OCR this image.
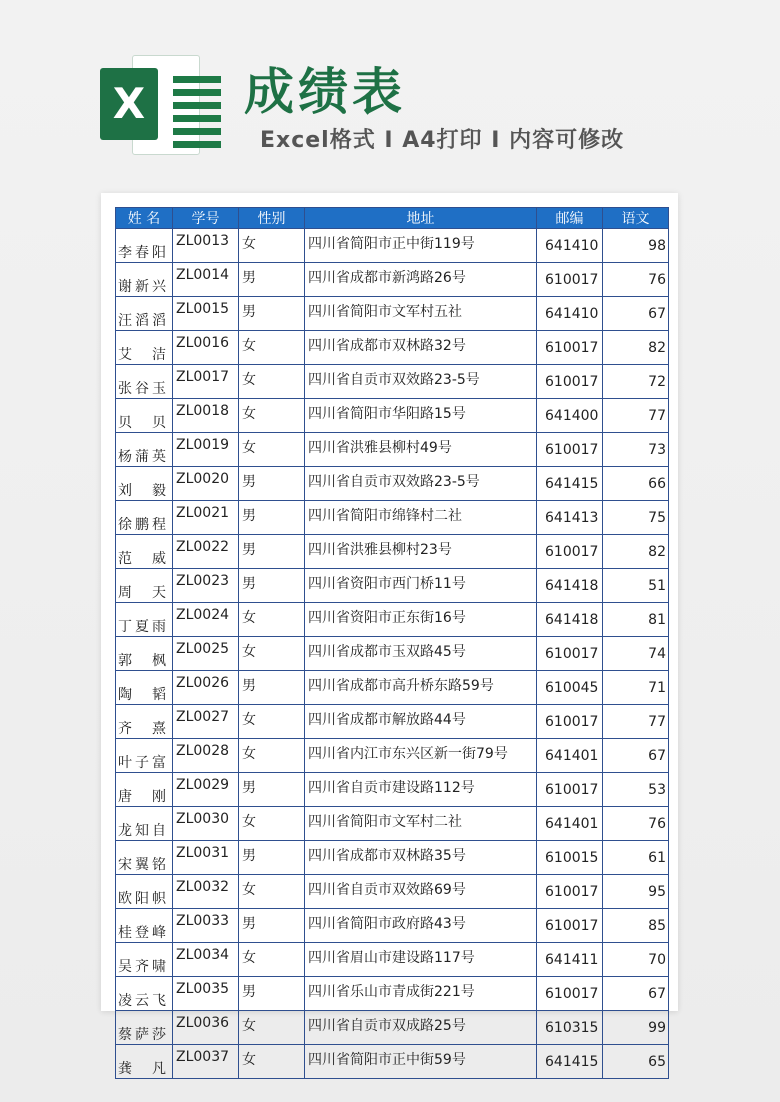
X 成绩表
Excel格式 I A4打印 I 内容可修改
姓 名	学号	性别	地址	邮编	语文
李春阳	ZL0013	女	四川省简阳市正中街119号	641410	98
谢新兴	ZL0014	男	四川省成都市新鸿路26号	610017	76
汪滔滔	ZL0015	男	四川省简阳市文军村五社	641410	67
艾　洁	ZL0016	女	四川省成都市双林路32号	610017	82
张谷玉	ZL0017	女	四川省自贡市双效路23-5号	610017	72
贝　贝	ZL0018	女	四川省简阳市华阳路15号	641400	77
杨蒲英	ZL0019	女	四川省洪雅县柳村49号	610017	73
刘　毅	ZL0020	男	四川省自贡市双效路23-5号	641415	66
徐鹏程	ZL0021	男	四川省简阳市绵锋村二社	641413	75
范　威	ZL0022	男	四川省洪雅县柳村23号	610017	82
周　天	ZL0023	男	四川省资阳市西门桥11号	641418	51
丁夏雨	ZL0024	女	四川省资阳市正东街16号	641418	81
郭　枫	ZL0025	女	四川省成都市玉双路45号	610017	74
陶　韬	ZL0026	男	四川省成都市高升桥东路59号	610045	71
齐　熹	ZL0027	女	四川省成都市解放路44号	610017	77
叶子富	ZL0028	女	四川省内江市东兴区新一街79号	641401	67
唐　刚	ZL0029	男	四川省自贡市建设路112号	610017	53
龙知自	ZL0030	女	四川省简阳市文军村二社	641401	76
宋翼铭	ZL0031	男	四川省成都市双林路35号	610015	61
欧阳帜	ZL0032	女	四川省自贡市双效路69号	610017	95
桂登峰	ZL0033	男	四川省简阳市政府路43号	610017	85
吴齐啸	ZL0034	女	四川省眉山市建设路117号	641411	70
凌云飞	ZL0035	男	四川省乐山市青成街221号	610017	67
蔡萨莎	ZL0036	女	四川省自贡市双成路25号	610315	99
龚　凡	ZL0037	女	四川省简阳市正中街59号	641415	65
